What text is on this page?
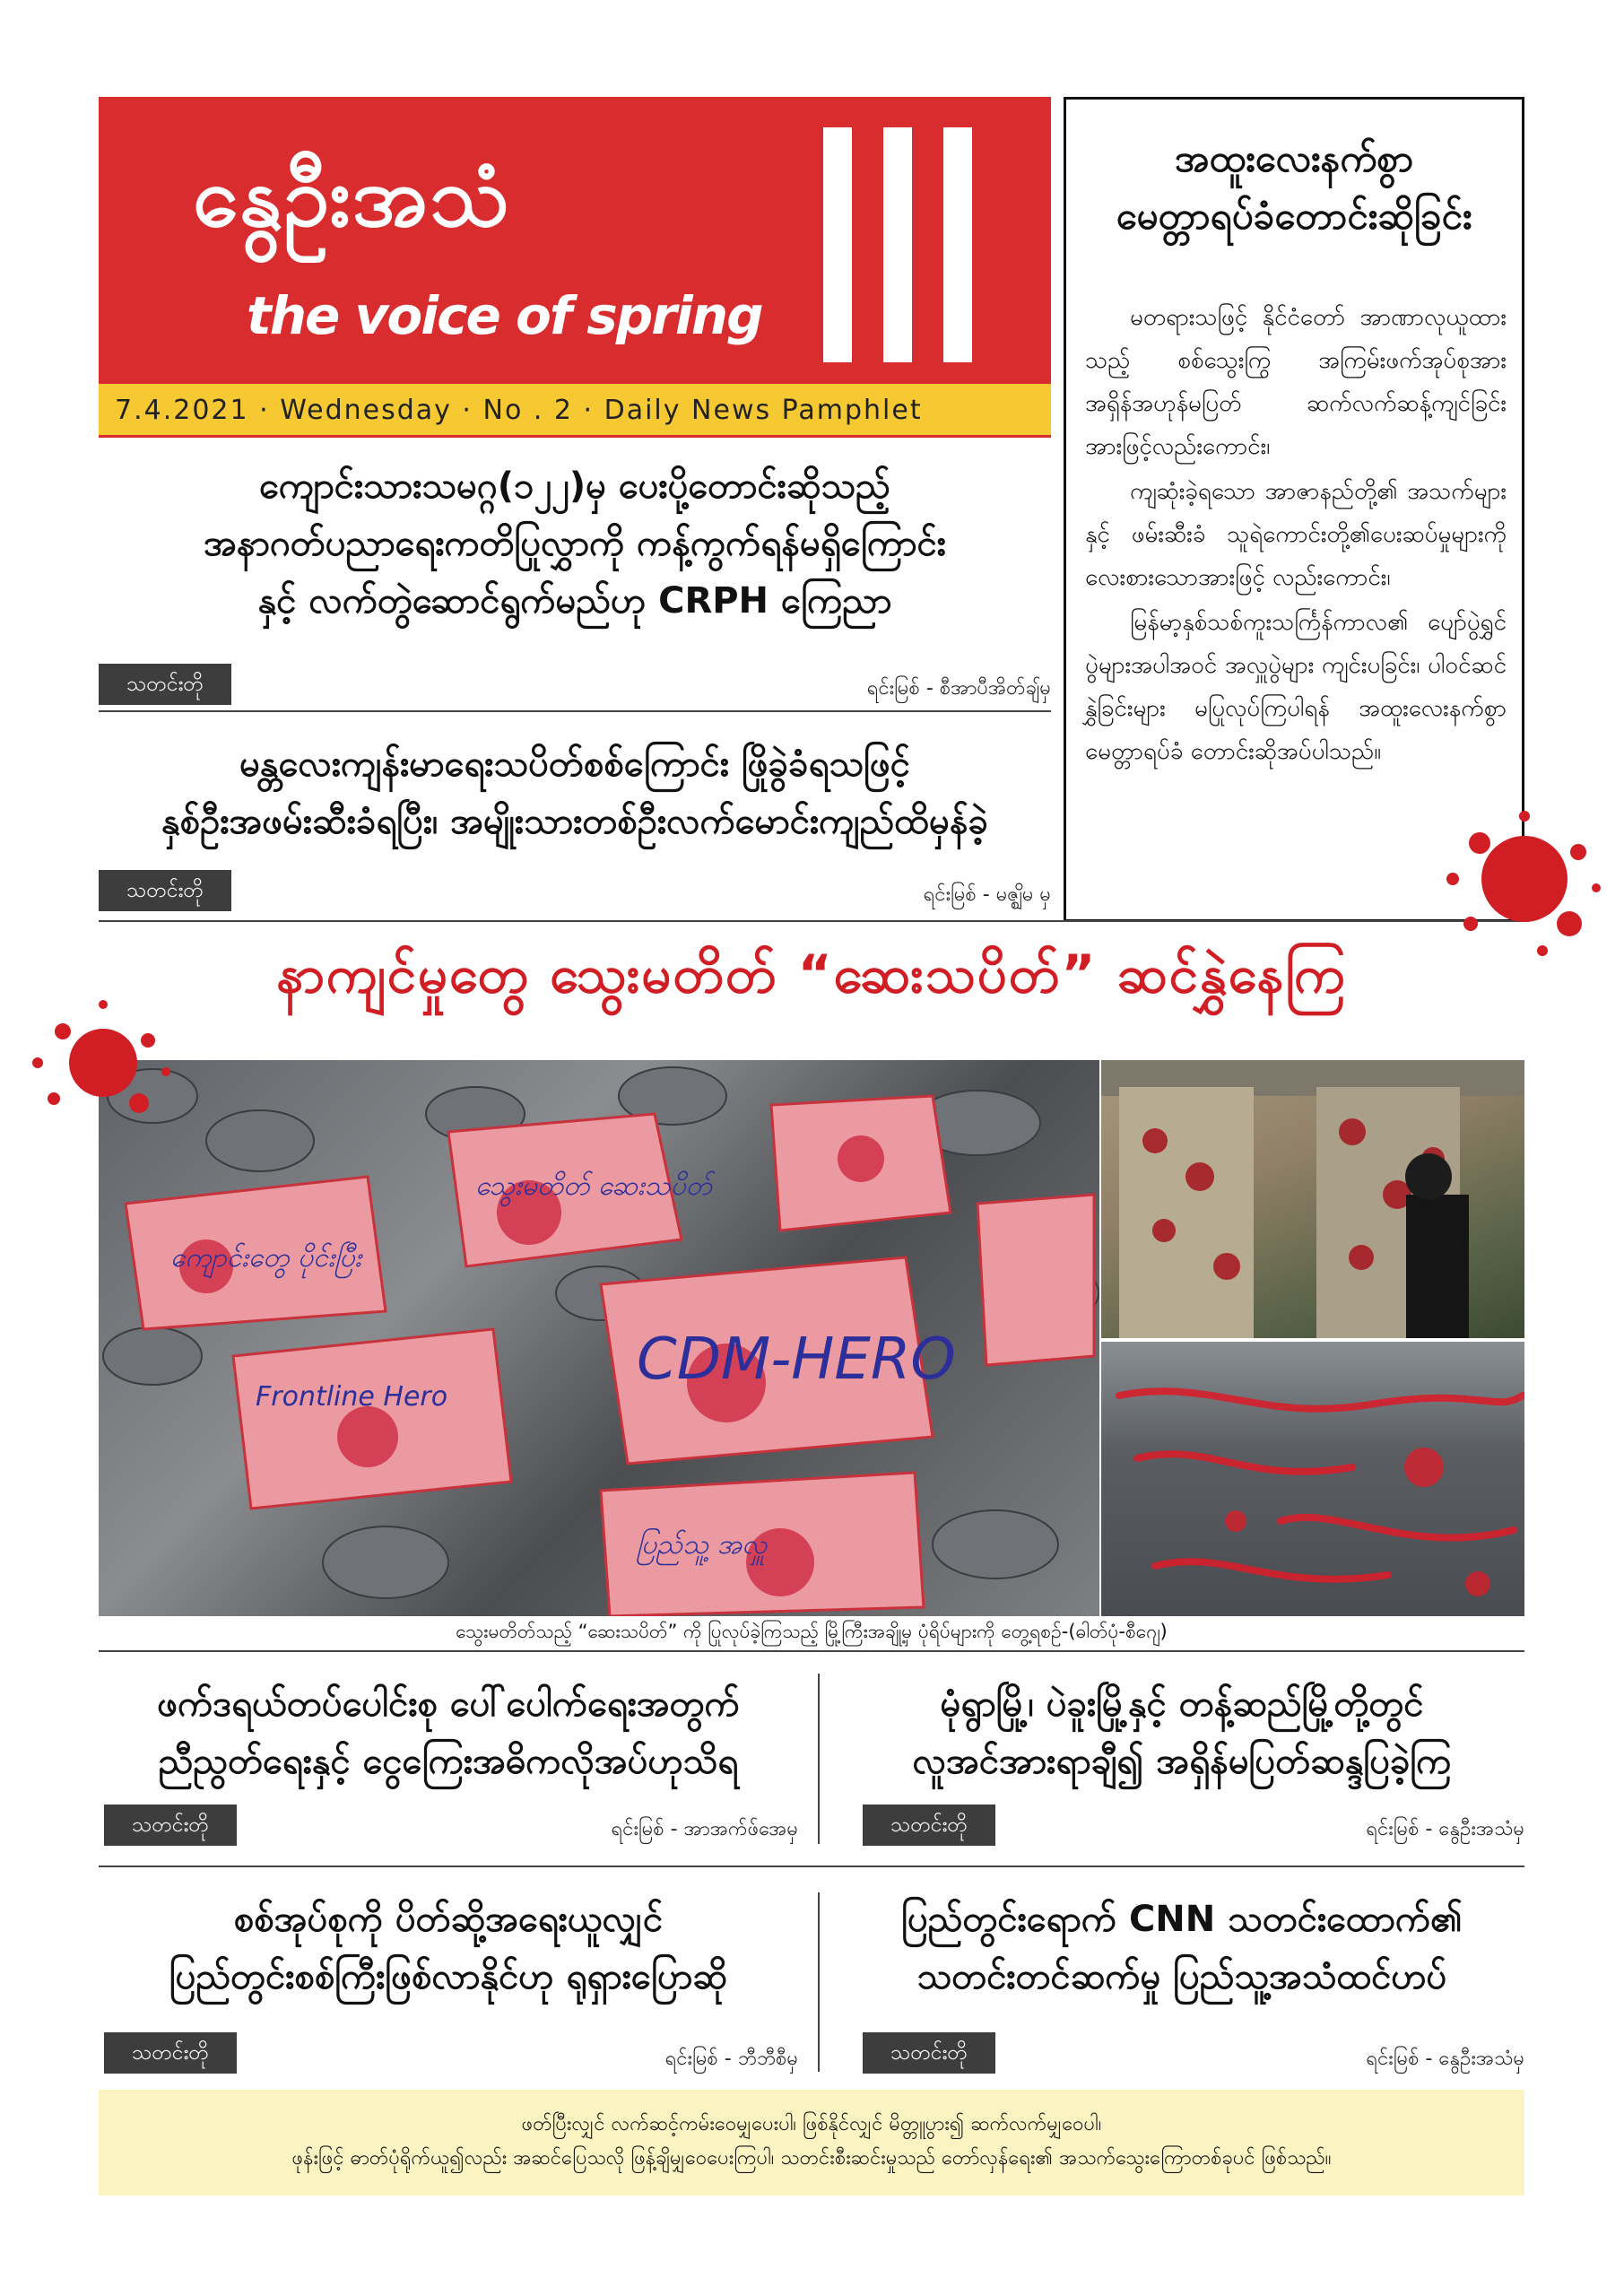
နွေဦးအသံ
the voice of spring
7.4.2021 · Wednesday · No . 2 · Daily News Pamphlet
အထူးလေးနက်စွာ
မေတ္တာရပ်ခံတောင်းဆိုခြင်း

မတရားသဖြင့် နိုင်ငံတော် အာဏာလုယူထားသည့် စစ်သွေးကြွ အကြမ်းဖက်အုပ်စုအား အရှိန်အဟုန်မပြတ် ဆက်လက်ဆန့်ကျင်ခြင်းအားဖြင့်လည်းကောင်း၊

ကျဆုံးခဲ့ရသော အာဇာနည်တို့၏ အသက်များနှင့် ဖမ်းဆီးခံ သူရဲကောင်းတို့၏ပေးဆပ်မှုများကို လေးစားသောအားဖြင့် လည်းကောင်း၊

မြန်မာ့နှစ်သစ်ကူးသင်္ကြန်ကာလ၏ ပျော်ပွဲရွှင်ပွဲများအပါအဝင် အလှူပွဲများ ကျင်းပခြင်း၊ ပါဝင်ဆင်နွှဲခြင်းများ မပြုလုပ်ကြပါရန် အထူးလေးနက်စွာ မေတ္တာရပ်ခံ တောင်းဆိုအပ်ပါသည်။

ကျောင်းသားသမဂ္ဂ(၁၂၂)မှ ပေးပို့တောင်းဆိုသည့်
အနာဂတ်ပညာရေးကတိပြုလွှာကို ကန့်ကွက်ရန်မရှိကြောင်း
နှင့် လက်တွဲဆောင်ရွက်မည်ဟု CRPH ကြေညာ
သတင်းတို	ရင်းမြစ် - စီအာပီအိတ်ချ်မှ
မန္တလေးကျန်းမာရေးသပိတ်စစ်ကြောင်း ဖြိုခွဲခံရသဖြင့်
နှစ်ဦးအဖမ်းဆီးခံရပြီး၊ အမျိုးသားတစ်ဦးလက်မောင်းကျည်ထိမှန်ခဲ့
သတင်းတို	ရင်းမြစ် - မဇ္ဈိမ မှ
နာကျင်မှုတွေ သွေးမတိတ် “ဆေးသပိတ်” ဆင်နွှဲနေကြ
ကျောင်းတွေ ပိုင်းပြီး
သွေးမတိတ် ဆေးသပိတ်
CDM-HERO
Frontline Hero
ပြည်သူ့ အလှူ
သွေးမတိတ်သည့် “ဆေးသပိတ်” ကို ပြုလုပ်ခဲ့ကြသည့် မြို့ကြီးအချို့မှ ပုံရိပ်များကို တွေ့ရစဉ်-(ဓါတ်ပုံ-စီဂျေ)
ဖက်ဒရယ်တပ်ပေါင်းစု ပေါ်ပေါက်ရေးအတွက်
ညီညွတ်ရေးနှင့် ငွေကြေးအဓိကလိုအပ်ဟုသိရ
သတင်းတို	ရင်းမြစ် - အာအက်ဖ်အေမှ
မုံရွာမြို့၊ ပဲခူးမြို့နှင့် တန့်ဆည်မြို့တို့တွင်
လူအင်အားရာချီ၍ အရှိန်မပြတ်ဆန္ဒပြခဲ့ကြ
သတင်းတို	ရင်းမြစ် - နွေဦးအသံမှ
စစ်အုပ်စုကို ပိတ်ဆို့အရေးယူလျှင်
ပြည်တွင်းစစ်ကြီးဖြစ်လာနိုင်ဟု ရုရှားပြောဆို
သတင်းတို	ရင်းမြစ် - ဘီဘီစီမှ
ပြည်တွင်းရောက် CNN သတင်းထောက်၏
သတင်းတင်ဆက်မှု ပြည်သူ့အသံထင်ဟပ်
သတင်းတို	ရင်းမြစ် - နွေဦးအသံမှ
ဖတ်ပြီးလျှင် လက်ဆင့်ကမ်းဝေမျှပေးပါ၊ ဖြစ်နိုင်လျှင် မိတ္တူပွား၍ ဆက်လက်မျှဝေပါ၊
ဖုန်းဖြင့် ဓာတ်ပုံရိုက်ယူ၍လည်း အဆင်ပြေသလို ဖြန့်ချိမျှဝေပေးကြပါ၊ သတင်းစီးဆင်းမှုသည် တော်လှန်ရေး၏ အသက်သွေးကြောတစ်ခုပင် ဖြစ်သည်။
